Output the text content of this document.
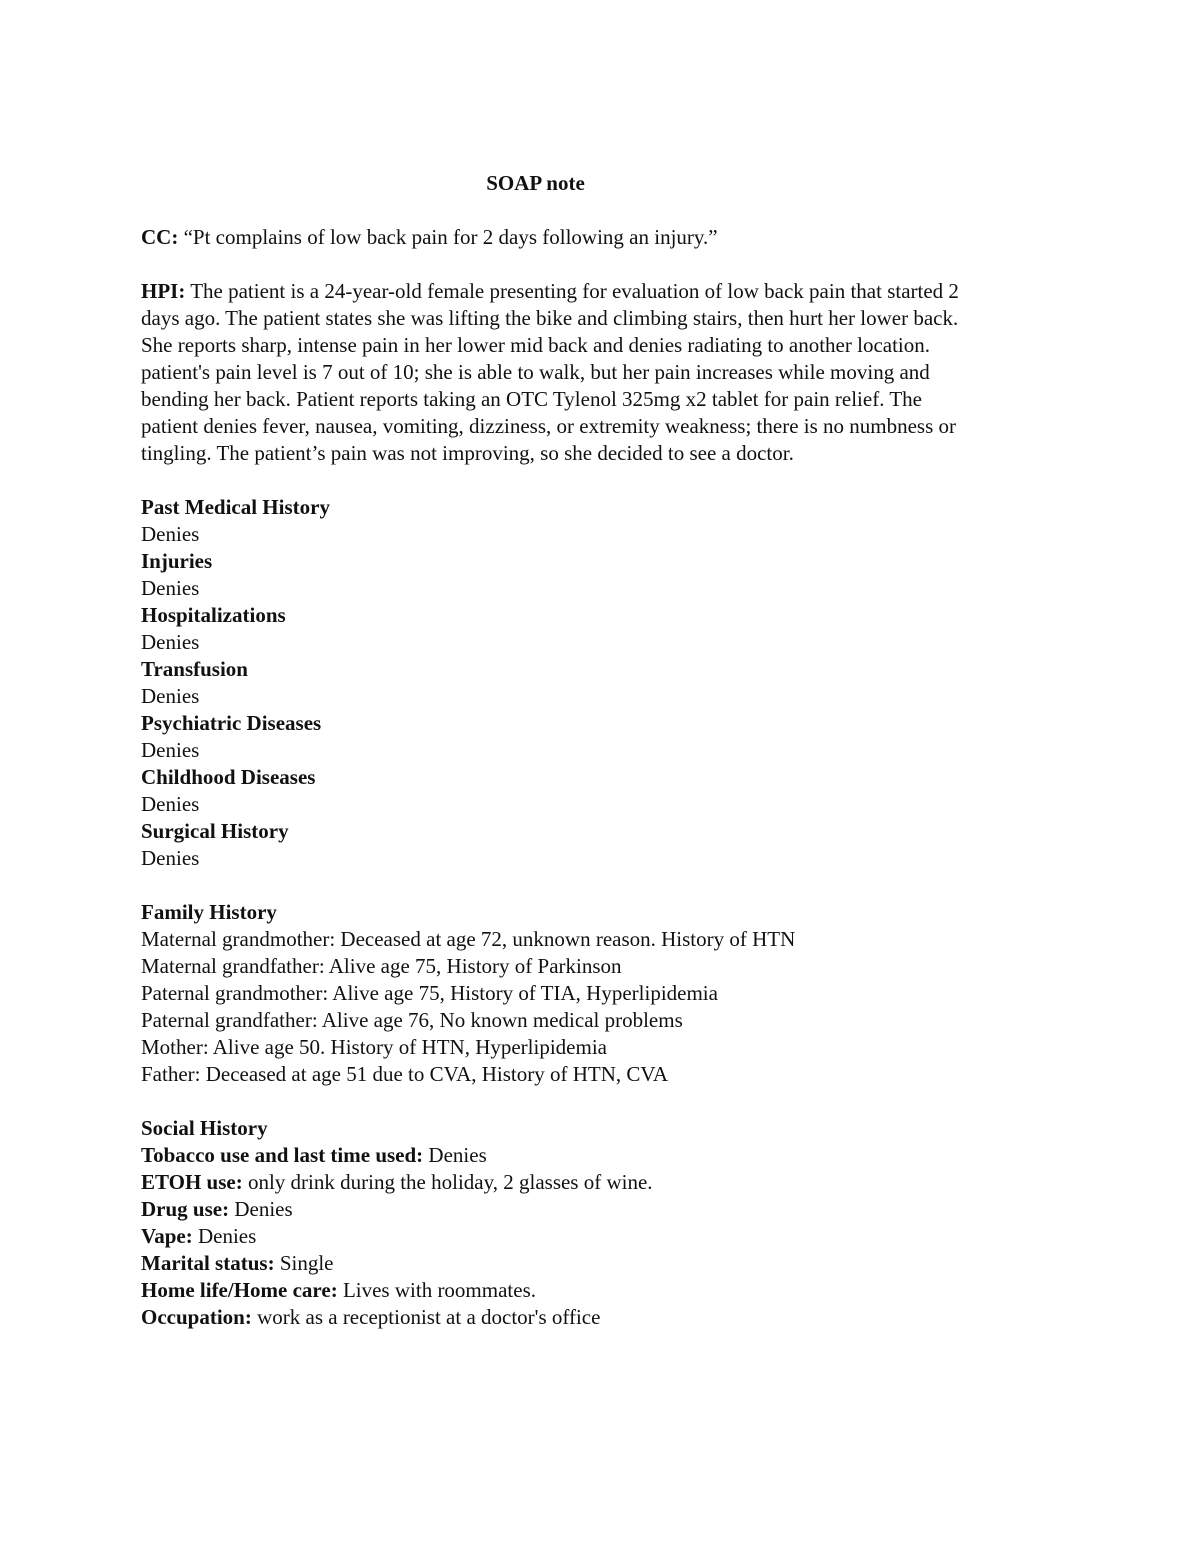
SOAP note
CC: “Pt complains of low back pain for 2 days following an injury.”
HPI: The patient is a 24-year-old female presenting for evaluation of low back pain that started 2
days ago. The patient states she was lifting the bike and climbing stairs, then hurt her lower back.
She reports sharp, intense pain in her lower mid back and denies radiating to another location.
patient's pain level is 7 out of 10; she is able to walk, but her pain increases while moving and
bending her back. Patient reports taking an OTC Tylenol 325mg x2 tablet for pain relief. The
patient denies fever, nausea, vomiting, dizziness, or extremity weakness; there is no numbness or
tingling. The patient’s pain was not improving, so she decided to see a doctor.
Past Medical History
Denies
Injuries
Denies
Hospitalizations
Denies
Transfusion
Denies
Psychiatric Diseases
Denies
Childhood Diseases
Denies
Surgical History
Denies
Family History
Maternal grandmother: Deceased at age 72, unknown reason. History of HTN
Maternal grandfather: Alive age 75, History of Parkinson
Paternal grandmother: Alive age 75, History of TIA, Hyperlipidemia
Paternal grandfather: Alive age 76, No known medical problems
Mother: Alive age 50. History of HTN, Hyperlipidemia
Father: Deceased at age 51 due to CVA, History of HTN, CVA
Social History
Tobacco use and last time used: Denies
ETOH use: only drink during the holiday, 2 glasses of wine.
Drug use: Denies
Vape: Denies
Marital status: Single
Home life/Home care: Lives with roommates.
Occupation: work as a receptionist at a doctor's office
